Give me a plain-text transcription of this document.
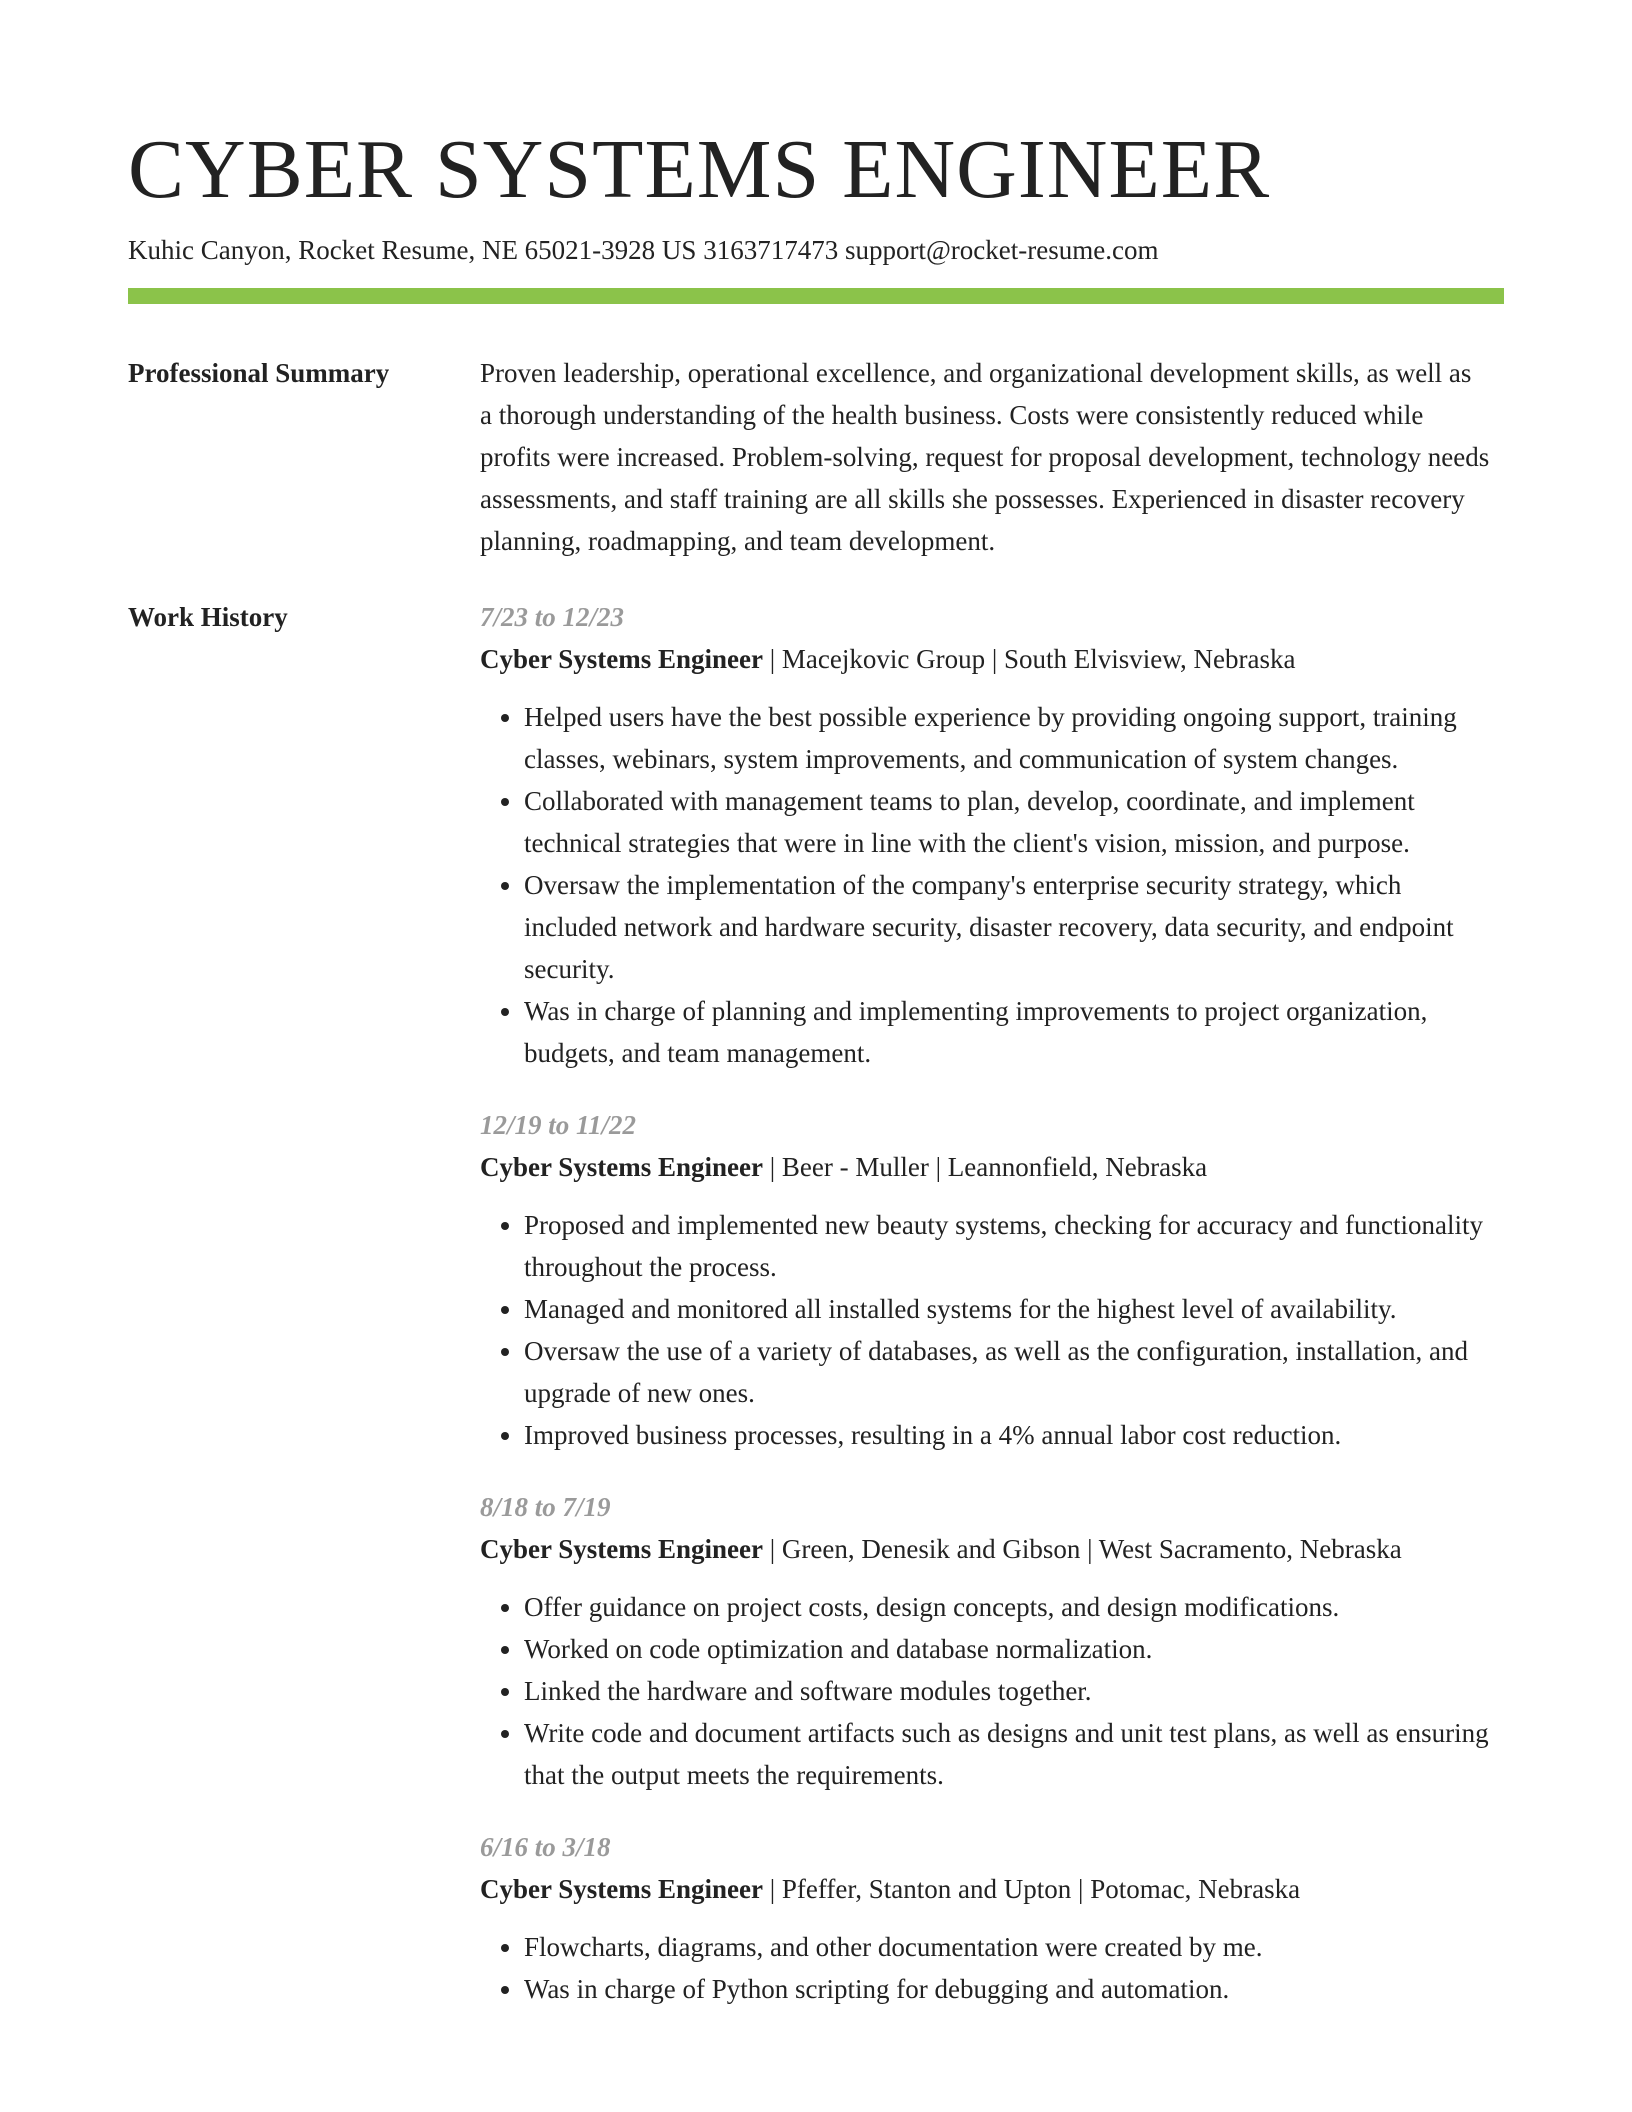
CYBER SYSTEMS ENGINEER
Kuhic Canyon, Rocket Resume, NE 65021-3928 US 3163717473 support@rocket-resume.com
Professional Summary	Proven leadership, operational excellence, and organizational development skills, as well as a thorough understanding of the health business. Costs were consistently reduced while profits were increased. Problem-solving, request for proposal development, technology needs assessments, and staff training are all skills she possesses. Experienced in disaster recovery planning, roadmapping, and team development.

Work History	7/23 to 12/23
Cyber Systems Engineer | Macejkovic Group | South Elvisview, Nebraska
• Helped users have the best possible experience by providing ongoing support, training classes, webinars, system improvements, and communication of system changes.
• Collaborated with management teams to plan, develop, coordinate, and implement technical strategies that were in line with the client's vision, mission, and purpose.
• Oversaw the implementation of the company's enterprise security strategy, which included network and hardware security, disaster recovery, data security, and endpoint security.
• Was in charge of planning and implementing improvements to project organization, budgets, and team management.
12/19 to 11/22
Cyber Systems Engineer | Beer - Muller | Leannonfield, Nebraska
• Proposed and implemented new beauty systems, checking for accuracy and functionality throughout the process.
• Managed and monitored all installed systems for the highest level of availability.
• Oversaw the use of a variety of databases, as well as the configuration, installation, and upgrade of new ones.
• Improved business processes, resulting in a 4% annual labor cost reduction.
8/18 to 7/19
Cyber Systems Engineer | Green, Denesik and Gibson | West Sacramento, Nebraska
• Offer guidance on project costs, design concepts, and design modifications.
• Worked on code optimization and database normalization.
• Linked the hardware and software modules together.
• Write code and document artifacts such as designs and unit test plans, as well as ensuring that the output meets the requirements.
6/16 to 3/18
Cyber Systems Engineer | Pfeffer, Stanton and Upton | Potomac, Nebraska
• Flowcharts, diagrams, and other documentation were created by me.
• Was in charge of Python scripting for debugging and automation.
